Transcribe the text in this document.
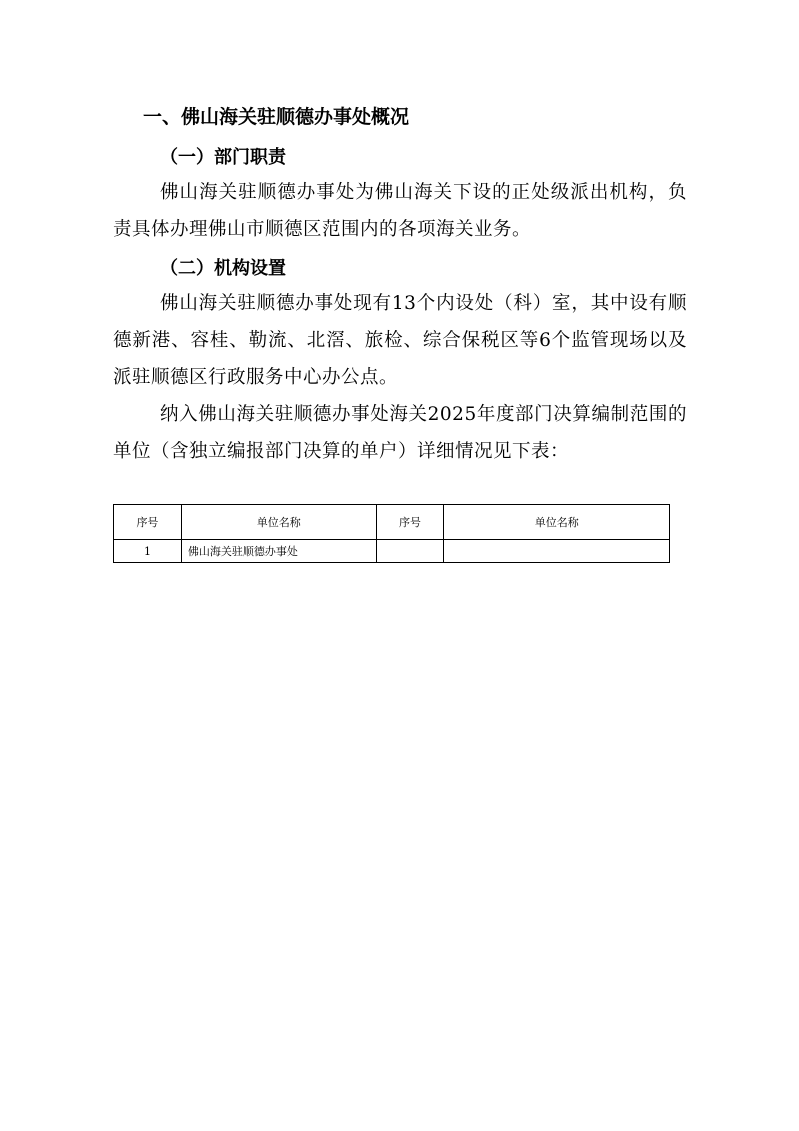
一、佛山海关驻顺德办事处概况
（一）部门职责
佛山海关驻顺德办事处为佛山海关下设的正处级派出机构，负责具体办理佛山市顺德区范围内的各项海关业务。
（二）机构设置
佛山海关驻顺德办事处现有13个内设处（科）室，其中设有顺德新港、容桂、勒流、北滘、旅检、综合保税区等6个监管现场以及派驻顺德区行政服务中心办公点。
纳入佛山海关驻顺德办事处海关2025年度部门决算编制范围的单位（含独立编报部门决算的单户）详细情况见下表：
序号	单位名称	序号	单位名称
1	佛山海关驻顺德办事处		
